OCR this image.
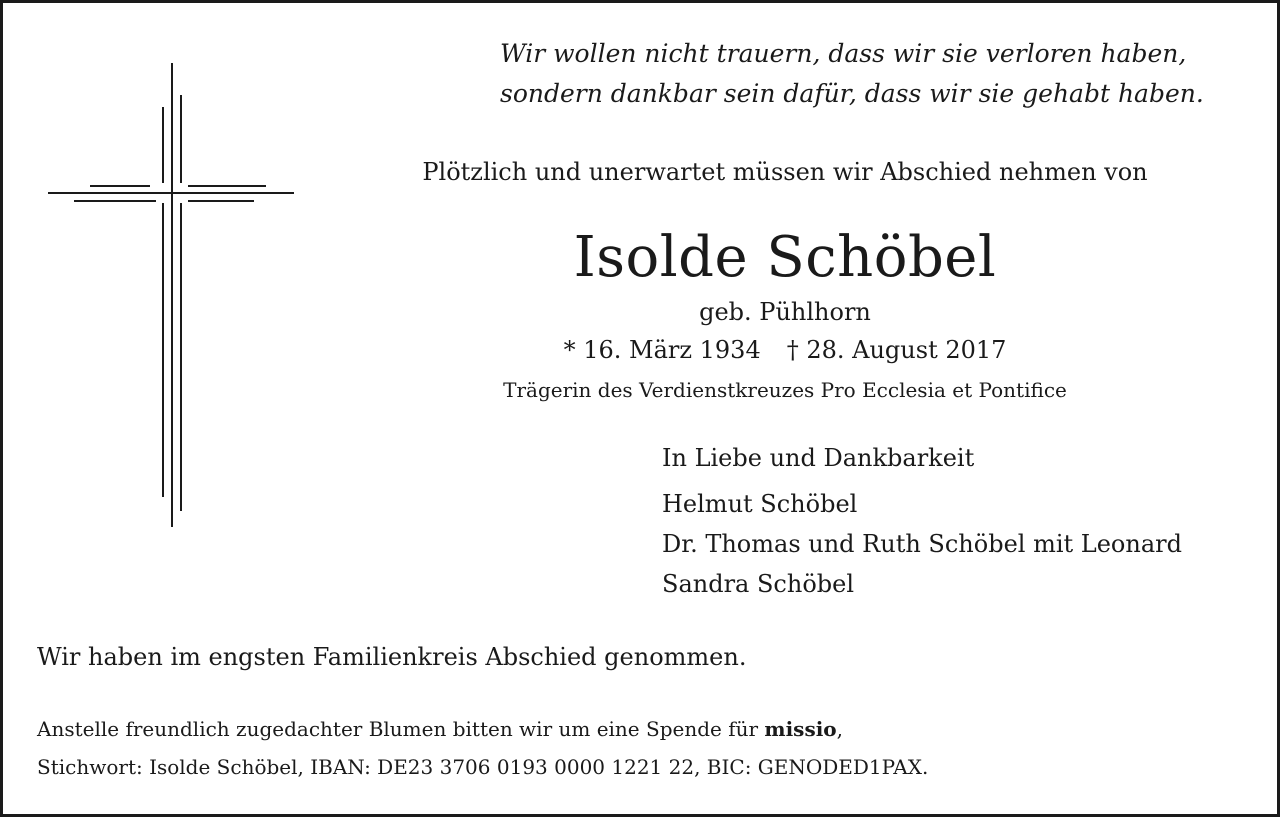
Wir wollen nicht trauern, dass wir sie verloren haben,
sondern dankbar sein dafür, dass wir sie gehabt haben.
Plötzlich und unerwartet müssen wir Abschied nehmen von
Isolde Schöbel
geb. Pühlhorn
* 16. März 1934 † 28. August 2017
Trägerin des Verdienstkreuzes Pro Ecclesia et Pontifice
In Liebe und Dankbarkeit
Helmut Schöbel
Dr. Thomas und Ruth Schöbel mit Leonard
Sandra Schöbel
Wir haben im engsten Familienkreis Abschied genommen.
Anstelle freundlich zugedachter Blumen bitten wir um eine Spende für missio,
Stichwort: Isolde Schöbel, IBAN: DE23 3706 0193 0000 1221 22, BIC: GENODED1PAX.
